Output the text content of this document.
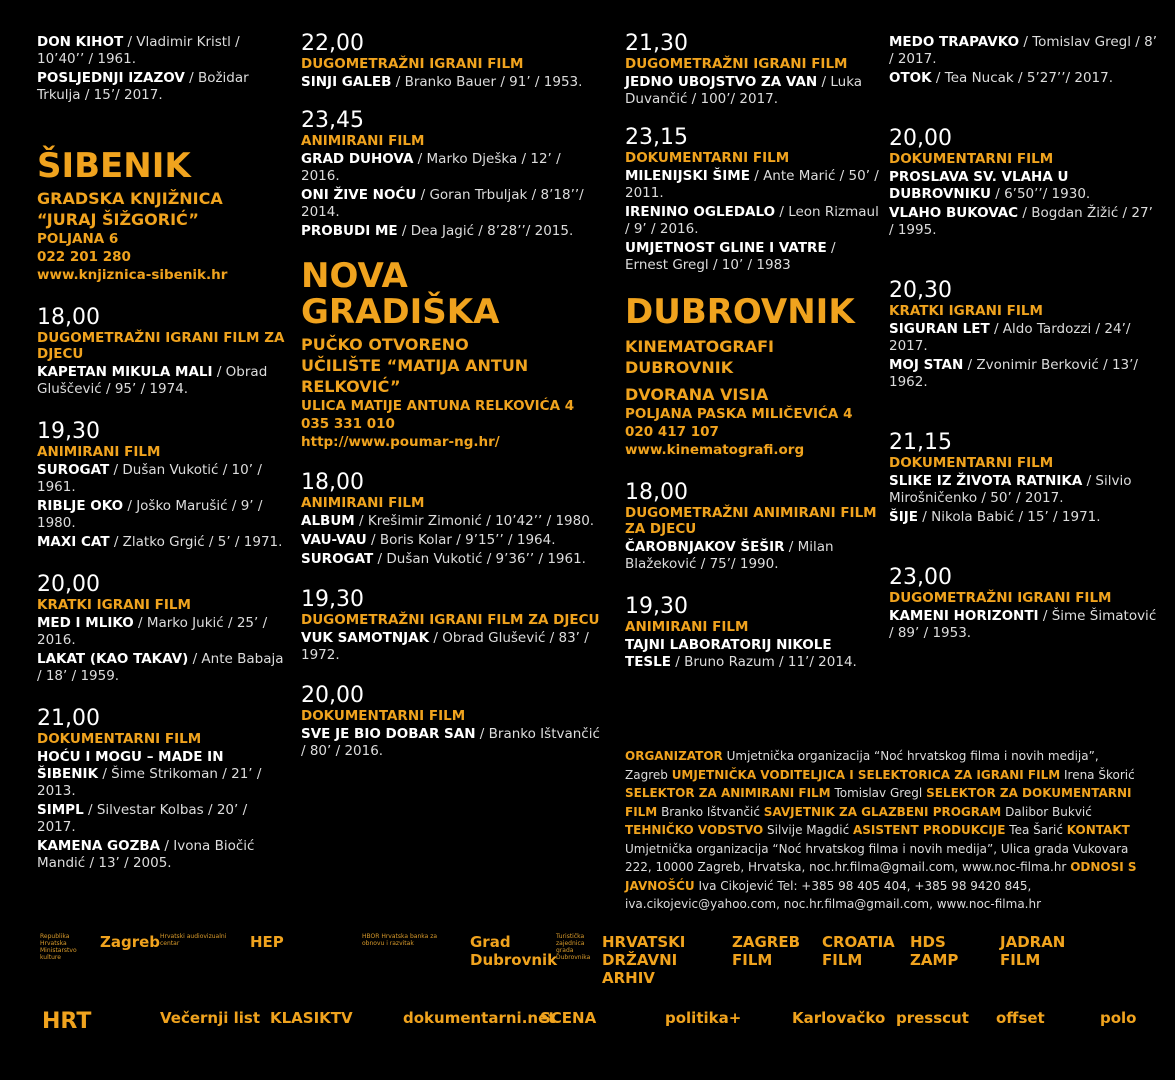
DON KIHOT / Vladimir Kristl / 10’40’’ / 1961.
POSLJEDNJI IZAZOV / Božidar Trkulja / 15’/ 2017.
ŠIBENIK
GRADSKA KNJIŽNICA
“JURAJ ŠIŽGORIĆ”
POLJANA 6
022 201 280
www.knjiznica-sibenik.hr
18,00
DUGOMETRAŽNI IGRANI FILM ZA DJECU
KAPETAN MIKULA MALI / Obrad Gluščević / 95’ / 1974.
19,30
ANIMIRANI FILM
SUROGAT / Dušan Vukotić / 10’ / 1961.
RIBLJE OKO / Joško Marušić / 9’ / 1980.
MAXI CAT / Zlatko Grgić / 5’ / 1971.
20,00
KRATKI IGRANI FILM
MED I MLIKO / Marko Jukić / 25’ / 2016.
LAKAT (KAO TAKAV) / Ante Babaja / 18’ / 1959.
21,00
DOKUMENTARNI FILM
HOĆU I MOGU – MADE IN ŠIBENIK / Šime Strikoman / 21’ / 2013.
SIMPL / Silvestar Kolbas / 20’ / 2017.
KAMENA GOZBA / Ivona Biočić Mandić / 13’ / 2005.
22,00
DUGOMETRAŽNI IGRANI FILM
SINJI GALEB / Branko Bauer / 91’ / 1953.
23,45
ANIMIRANI FILM
GRAD DUHOVA / Marko Dješka / 12’ / 2016.
ONI ŽIVE NOĆU / Goran Trbuljak / 8’18’’/ 2014.
PROBUDI ME / Dea Jagić / 8’28’’/ 2015.
NOVA
GRADIŠKA
PUČKO OTVORENO
UČILIŠTE “MATIJA ANTUN
RELKOVIĆ”
ULICA MATIJE ANTUNA RELKOVIĆA 4
035 331 010
http://www.poumar-ng.hr/
18,00
ANIMIRANI FILM
ALBUM / Krešimir Zimonić / 10’42’’ / 1980.
VAU-VAU / Boris Kolar / 9’15’’ / 1964.
SUROGAT / Dušan Vukotić / 9’36’’ / 1961.
19,30
DUGOMETRAŽNI IGRANI FILM ZA DJECU
VUK SAMOTNJAK / Obrad Glušević / 83’ / 1972.
20,00
DOKUMENTARNI FILM
SVE JE BIO DOBAR SAN / Branko Ištvančić / 80’ / 2016.
21,30
DUGOMETRAŽNI IGRANI FILM
JEDNO UBOJSTVO ZA VAN / Luka Duvančić / 100’/ 2017.
23,15
DOKUMENTARNI FILM
MILENIJSKI ŠIME / Ante Marić / 50’ / 2011.
IRENINO OGLEDALO / Leon Rizmaul / 9’ / 2016.
UMJETNOST GLINE I VATRE / Ernest Gregl / 10’ / 1983
DUBROVNIK
KINEMATOGRAFI
DUBROVNIK
DVORANA VISIA
POLJANA PASKA MILIČEVIĆA 4
020 417 107
www.kinematografi.org
18,00
DUGOMETRAŽNI ANIMIRANI FILM ZA DJECU
ČAROBNJAKOV ŠEŠIR / Milan Blažeković / 75’/ 1990.
19,30
ANIMIRANI FILM
TAJNI LABORATORIJ NIKOLE TESLE / Bruno Razum / 11’/ 2014.
MEDO TRAPAVKO / Tomislav Gregl / 8’ / 2017.
OTOK / Tea Nucak / 5’27’’/ 2017.
20,00
DOKUMENTARNI FILM
PROSLAVA SV. VLAHA U DUBROVNIKU / 6’50’’/ 1930.
VLAHO BUKOVAC / Bogdan Žižić / 27’ / 1995.
20,30
KRATKI IGRANI FILM
SIGURAN LET / Aldo Tardozzi / 24’/ 2017.
MOJ STAN / Zvonimir Berković / 13’/ 1962.
21,15
DOKUMENTARNI FILM
SLIKE IZ ŽIVOTA RATNIKA / Silvio Mirošničenko / 50’ / 2017.
ŠIJE / Nikola Babić / 15’ / 1971.
23,00
DUGOMETRAŽNI IGRANI FILM
KAMENI HORIZONTI / Šime Šimatović / 89’ / 1953.
ORGANIZATOR Umjetnička organizacija “Noć hrvatskog filma i novih medija”, Zagreb UMJETNIČKA VODITELJICA I SELEKTORICA ZA IGRANI FILM Irena Škorić SELEKTOR ZA ANIMIRANI FILM Tomislav Gregl SELEKTOR ZA DOKUMENTARNI FILM Branko Ištvančić SAVJETNIK ZA GLAZBENI PROGRAM Dalibor Bukvić TEHNIČKO VODSTVO Silvije Magdić ASISTENT PRODUKCIJE Tea Šarić KONTAKT Umjetnička organizacija “Noć hrvatskog filma i novih medija”, Ulica grada Vukovara 222, 10000 Zagreb, Hrvatska, noc.hr.filma@gmail.com, www.noc-filma.hr ODNOSI S JAVNOŠĆU Iva Cikojević Tel: +385 98 405 404, +385 98 9420 845, iva.cikojevic@yahoo.com, noc.hr.filma@gmail.com, www.noc-filma.hr
Republika Hrvatska Ministarstvo kulture
Zagreb Hrvatski audiovizualni centar	HEP	HBOR Hrvatska banka za obnovu i razvitak	Grad Dubrovnik
Turistička zajednica grada Dubrovnika
HRVATSKI DRŽAVNI ARHIV
ZAGREB FILM
CROATIA FILM
HDS ZAMP
JADRAN FILM
HRT	Večernji list KLASIKTV	dokumentarni.net
SCENA	politika+	Karlovačko presscut offset	polo
